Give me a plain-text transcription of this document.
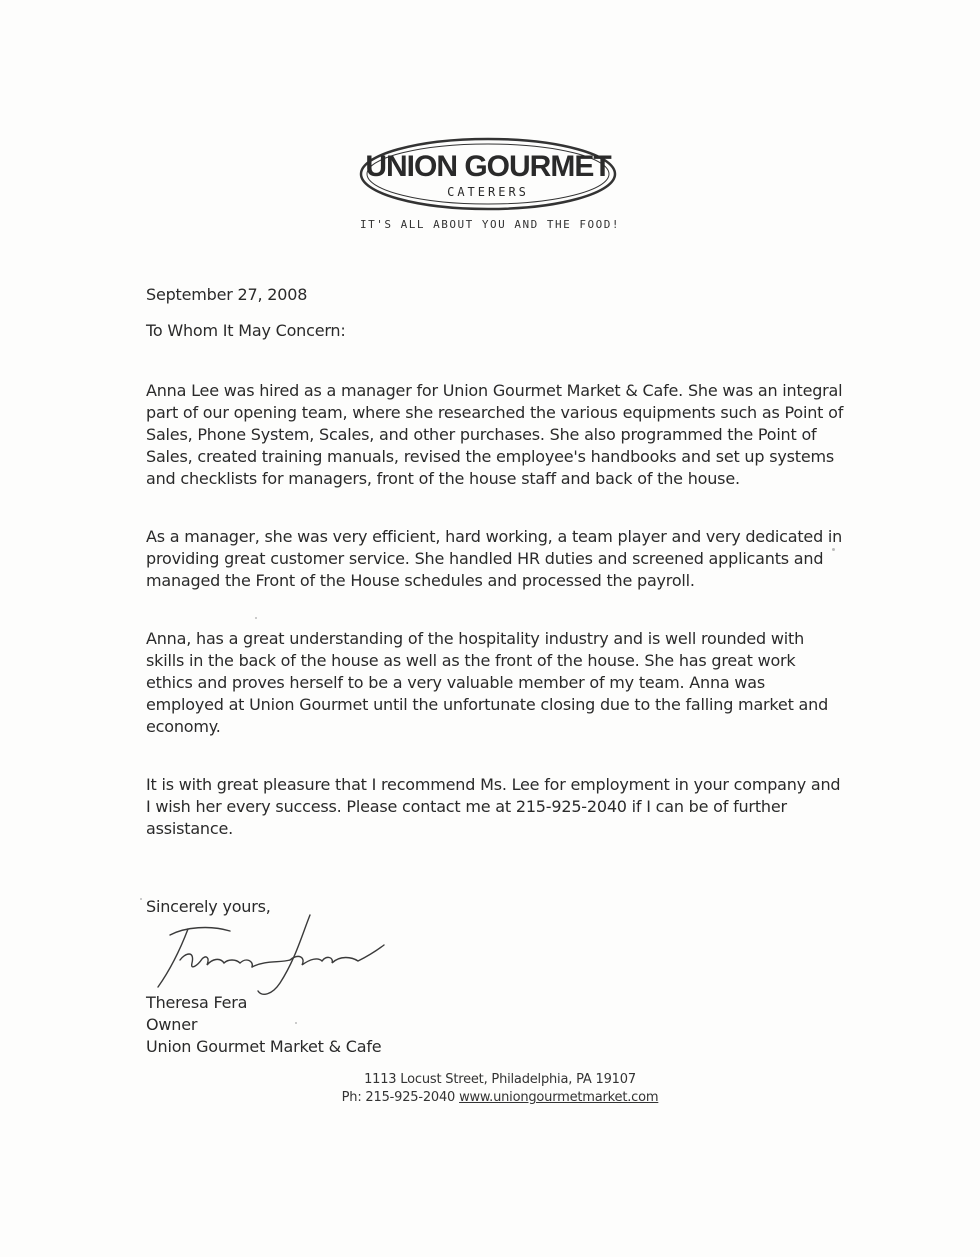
UNION GOURMET
CATERERS
IT'S ALL ABOUT YOU AND THE FOOD!
September 27, 2008
To Whom It May Concern:
Anna Lee was hired as a manager for Union Gourmet Market & Cafe. She was an integral part of our opening team, where she researched the various equipments such as Point of Sales, Phone System, Scales, and other purchases. She also programmed the Point of Sales, created training manuals, revised the employee's handbooks and set up systems and checklists for managers, front of the house staff and back of the house.
As a manager, she was very efficient, hard working, a team player and very dedicated in providing great customer service. She handled HR duties and screened applicants and managed the Front of the House schedules and processed the payroll.
Anna, has a great understanding of the hospitality industry and is well rounded with skills in the back of the house as well as the front of the house. She has great work ethics and proves herself to be a very valuable member of my team. Anna was employed at Union Gourmet until the unfortunate closing due to the falling market and economy.
It is with great pleasure that I recommend Ms. Lee for employment in your company and I wish her every success. Please contact me at 215-925-2040 if I can be of further assistance.
Sincerely yours,
Theresa Fera
Owner
Union Gourmet Market & Cafe
1113 Locust Street, Philadelphia, PA 19107
Ph: 215-925-2040 www.uniongourmetmarket.com
